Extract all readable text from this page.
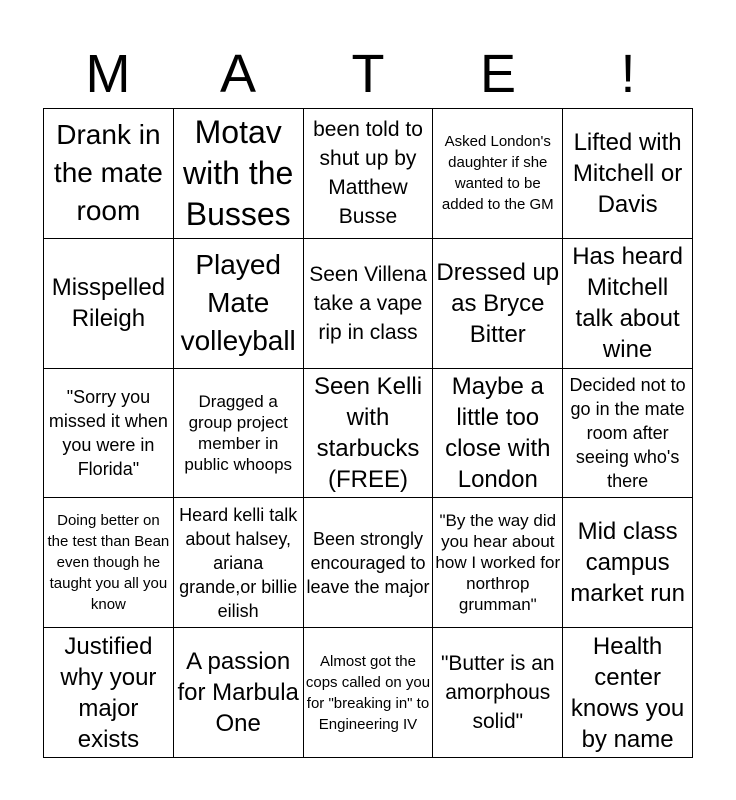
M	A	T	E	!
Drank in the mate room
Motav with the Busses
been told to shut up by Matthew Busse
Asked London's daughter if she wanted to be added to the GM
Lifted with Mitchell or Davis
Misspelled Rileigh
Played Mate volleyball
Seen Villena take a vape rip in class
Dressed up as Bryce Bitter
Has heard Mitchell talk about wine
"Sorry you missed it when you were in Florida"
Dragged a group project member in public whoops
Seen Kelli with starbucks (FREE)
Maybe a little too close with London
Decided not to go in the mate room after seeing who's there
Doing better on the test than Bean even though he taught you all you know
Heard kelli talk about halsey, ariana grande,or billie eilish
Been strongly encouraged to leave the major
"By the way did you hear about how I worked for northrop grumman"
Mid class campus market run
Justified why your major exists
A passion for Marbula One
Almost got the cops called on you for "breaking in" to Engineering IV
"Butter is an amorphous solid"
Health center knows you by name
